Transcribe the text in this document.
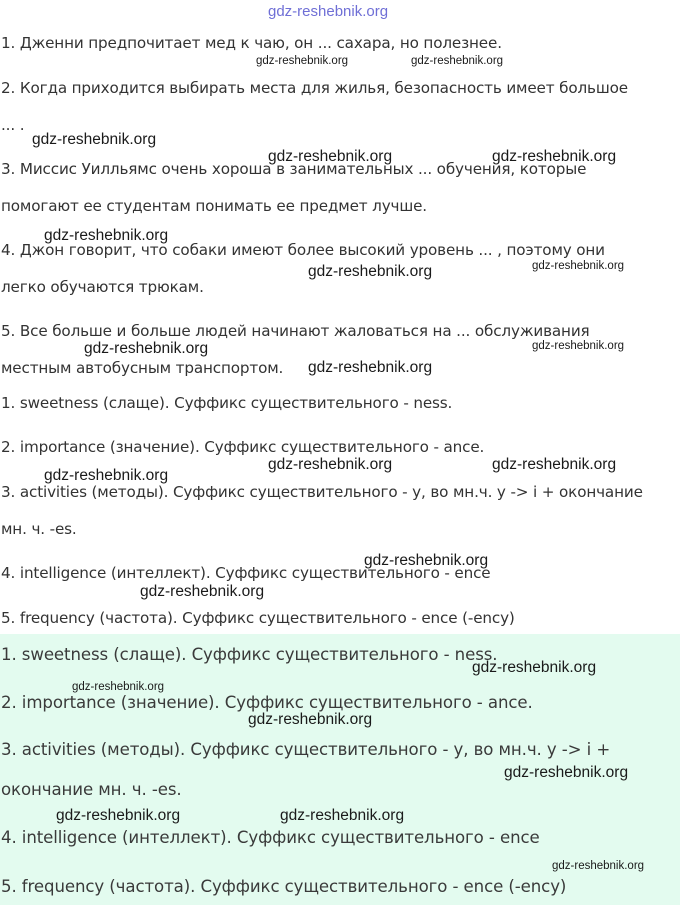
1. Дженни предпочитает мед к чаю, он ... сахара, но полезнее.
2. Когда приходится выбирать места для жилья, безопасность имеет большое
... .
3. Миссис Уилльямс очень хороша в занимательных ... обучения, которые
помогают ее студентам понимать ее предмет лучше.
4. Джон говорит, что собаки имеют более высокий уровень ... , поэтому они
легко обучаются трюкам.
5. Все больше и больше людей начинают жаловаться на ... обслуживания
местным автобусным транспортом.
1. sweetness (слаще). Суффикс существительного - ness.
2. importance (значение). Суффикс существительного - ance.
3. activities (методы). Суффикс существительного - y, во мн.ч. y -> i + окончание
мн. ч. -es.
4. intelligence (интеллект). Суффикс существительного - ence
5. frequency (частота). Суффикс существительного - ence (-ency)
1. sweetness (слаще). Суффикс существительного - ness.
2. importance (значение). Суффикс существительного - ance.
3. activities (методы). Суффикс существительного - y, во мн.ч. y -> i +
окончание мн. ч. -es.
4. intelligence (интеллект). Суффикс существительного - ence
5. frequency (частота). Суффикс существительного - ence (-ency)
gdz-reshebnik.org
gdz-reshebnik.org	gdz-reshebnik.org
gdz-reshebnik.org
gdz-reshebnik.org	gdz-reshebnik.org
gdz-reshebnik.org
gdz-reshebnik.org
gdz-reshebnik.org
gdz-reshebnik.org	gdz-reshebnik.org
gdz-reshebnik.org
gdz-reshebnik.org	gdz-reshebnik.org
gdz-reshebnik.org
gdz-reshebnik.org
gdz-reshebnik.org
gdz-reshebnik.org
gdz-reshebnik.org
gdz-reshebnik.org
gdz-reshebnik.org
gdz-reshebnik.org	gdz-reshebnik.org
gdz-reshebnik.org
